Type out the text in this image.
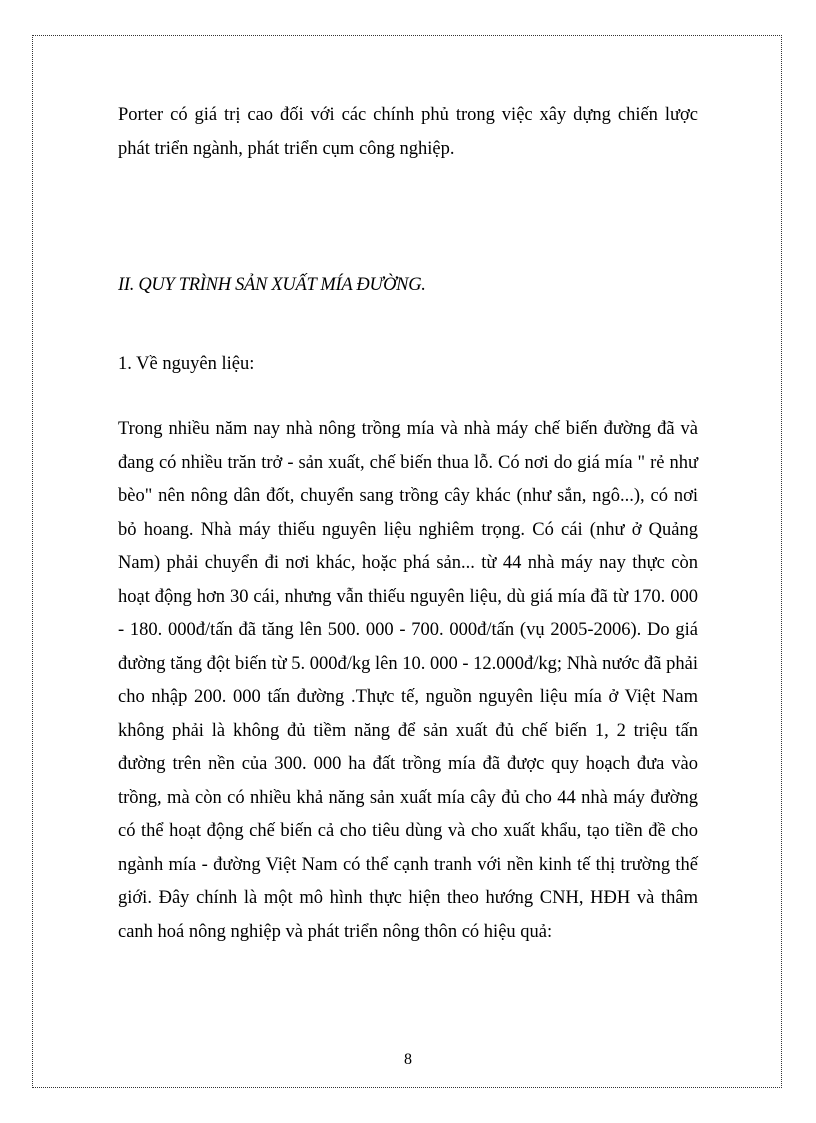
Porter có giá trị cao đối với các chính phủ trong việc xây dựng chiến lược phát triển ngành, phát triển cụm công nghiệp.

II. QUY TRÌNH SẢN XUẤT MÍA ĐƯỜNG.

1. Về nguyên liệu:

Trong nhiều năm nay nhà nông trồng mía và nhà máy chế biến đường đã và đang có nhiều trăn trở - sản xuất, chế biến thua lỗ. Có nơi do giá mía " rẻ như bèo" nên nông dân đốt, chuyển sang trồng cây khác (như sắn, ngô...), có nơi bỏ hoang. Nhà máy thiếu nguyên liệu nghiêm trọng. Có cái (như ở Quảng Nam) phải chuyển đi nơi khác, hoặc phá sản... từ 44 nhà máy nay thực còn hoạt động hơn 30 cái, nhưng vẫn thiếu nguyên liệu, dù giá mía đã từ 170. 000 - 180. 000đ/tấn đã tăng lên 500. 000 - 700. 000đ/tấn (vụ 2005-2006). Do giá đường tăng đột biến từ 5. 000đ/kg lên 10. 000 - 12.000đ/kg; Nhà nước đã phải cho nhập 200. 000 tấn đường .Thực tế, nguồn nguyên liệu mía ở Việt Nam không phải là không đủ tiềm năng để sản xuất đủ chế biến 1, 2 triệu tấn đường trên nền của 300. 000 ha đất trồng mía đã được quy hoạch đưa vào trồng, mà còn có nhiều khả năng sản xuất mía cây đủ cho 44 nhà máy đường có thể hoạt động chế biến cả cho tiêu dùng và cho xuất khẩu, tạo tiền đề cho ngành mía - đường Việt Nam có thể cạnh tranh với nền kinh tế thị trường thế giới. Đây chính là một mô hình thực hiện theo hướng CNH, HĐH và thâm canh hoá nông nghiệp và phát triển nông thôn có hiệu quả:

8
